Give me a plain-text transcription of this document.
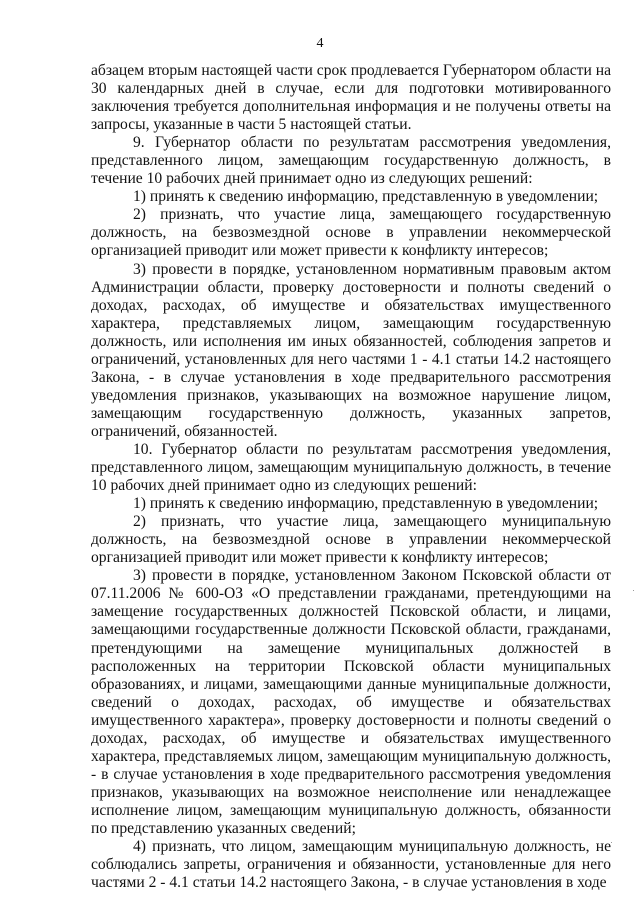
4

абзацем вторым настоящей части срок продлевается Губернатором области на 30 календарных дней в случае, если для подготовки мотивированного заключения требуется дополнительная информация и не получены ответы на запросы, указанные в части 5 настоящей статьи.

9. Губернатор области по результатам рассмотрения уведомления, представленного лицом, замещающим государственную должность, в течение 10 рабочих дней принимает одно из следующих решений:

1) принять к сведению информацию, представленную в уведомлении;

2) признать, что участие лица, замещающего государственную должность, на безвозмездной основе в управлении некоммерческой организацией приводит или может привести к конфликту интересов;

3) провести в порядке, установленном нормативным правовым актом Администрации области, проверку достоверности и полноты сведений о доходах, расходах, об имуществе и обязательствах имущественного характера, представляемых лицом, замещающим государственную должность, или исполнения им иных обязанностей, соблюдения запретов и ограничений, установленных для него частями 1 - 4.1 статьи 14.2 настоящего Закона, - в случае установления в ходе предварительного рассмотрения уведомления признаков, указывающих на возможное нарушение лицом, замещающим государственную должность, указанных запретов, ограничений, обязанностей.

10. Губернатор области по результатам рассмотрения уведомления, представленного лицом, замещающим муниципальную должность, в течение 10 рабочих дней принимает одно из следующих решений:

1) принять к сведению информацию, представленную в уведомлении;

2) признать, что участие лица, замещающего муниципальную должность, на безвозмездной основе в управлении некоммерческой организацией приводит или может привести к конфликту интересов;

3) провести в порядке, установленном Законом Псковской области от 07.11.2006 № 600-ОЗ «О представлении гражданами, претендующими на замещение государственных должностей Псковской области, и лицами, замещающими государственные должности Псковской области, гражданами, претендующими на замещение муниципальных должностей в расположенных на территории Псковской области муниципальных образованиях, и лицами, замещающими данные муниципальные должности, сведений о доходах, расходах, об имуществе и обязательствах имущественного характера», проверку достоверности и полноты сведений о доходах, расходах, об имуществе и обязательствах имущественного характера, представляемых лицом, замещающим муниципальную должность, - в случае установления в ходе предварительного рассмотрения уведомления признаков, указывающих на возможное неисполнение или ненадлежащее исполнение лицом, замещающим муниципальную должность, обязанности по представлению указанных сведений;

4) признать, что лицом, замещающим муниципальную должность, не соблюдались запреты, ограничения и обязанности, установленные для него частями 2 - 4.1 статьи 14.2 настоящего Закона, - в случае установления в ходе
